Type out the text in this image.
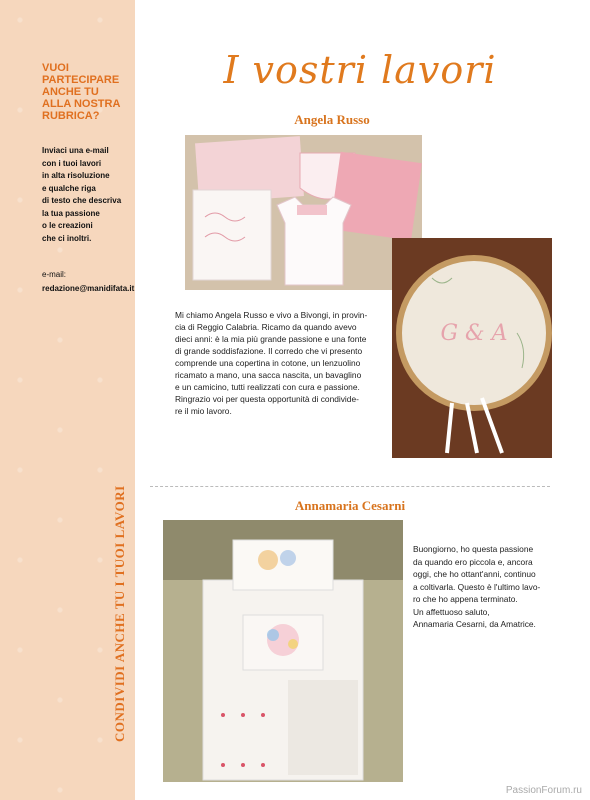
VUOI PARTECIPARE ANCHE TU ALLA NOSTRA RUBRICA?
Inviaci una e-mail
con i tuoi lavori
in alta risoluzione
e qualche riga
di testo che descriva
la tua passione
o le creazioni
che ci inoltri.
e-mail:
redazione@manidifata.it
CONDIVIDI ANCHE TU I TUOI LAVORI
I vostri lavori
Angela Russo
G & A
Mi chiamo Angela Russo e vivo a Bivongi, in provin-
cia di Reggio Calabria. Ricamo da quando avevo
dieci anni: è la mia più grande passione e una fonte
di grande soddisfazione. Il corredo che vi presento
comprende una copertina in cotone, un lenzuolino
ricamato a mano, una sacca nascita, un bavaglino
e un camicino, tutti realizzati con cura e passione.
Ringrazio voi per questa opportunità di condivide-
re il mio lavoro.
Annamaria Cesarni
Buongiorno, ho questa passione
da quando ero piccola e, ancora
oggi, che ho ottant'anni, continuo
a coltivarla. Questo è l'ultimo lavo-
ro che ho appena terminato.
Un affettuoso saluto,
Annamaria Cesarni, da Amatrice.
PassionForum.ru
